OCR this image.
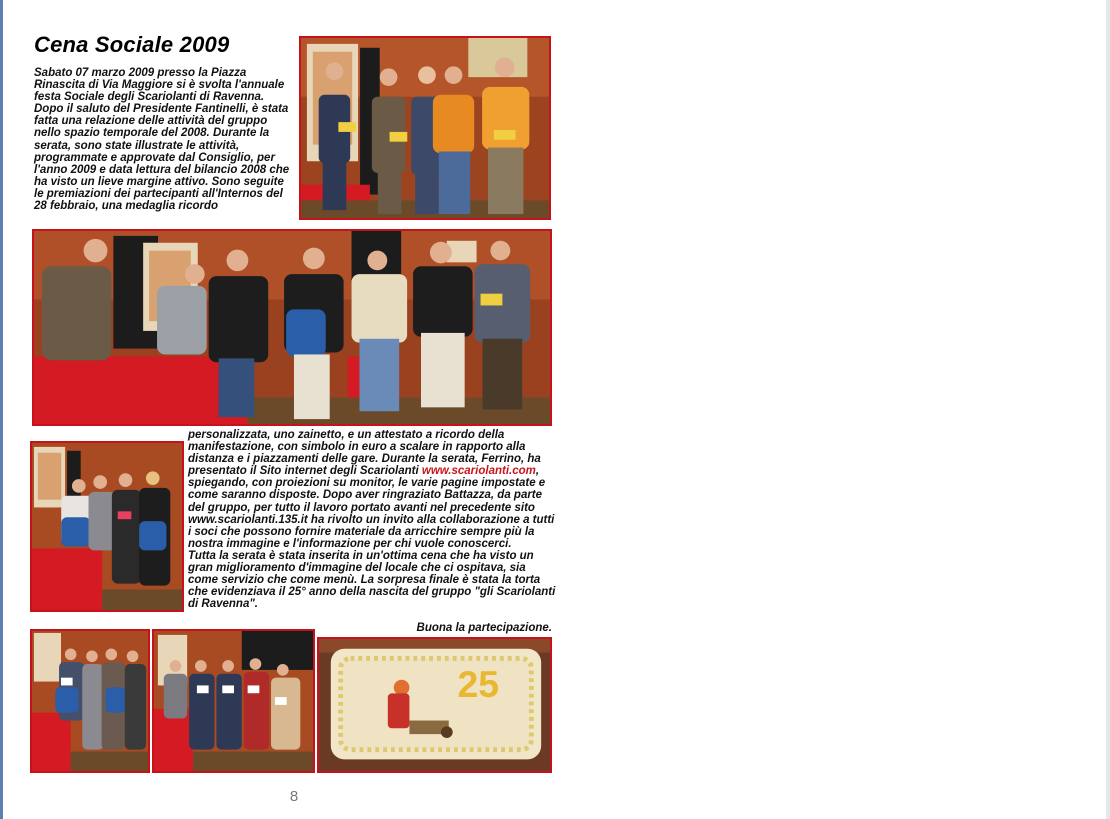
Cena Sociale 2009

Sabato 07 marzo 2009 presso la Piazza Rinascita di Via Maggiore si è svolta l'annuale festa Sociale degli Scariolanti di Ravenna. Dopo il saluto del Presidente Fantinelli, è stata fatta una relazione delle attività del gruppo nello spazio temporale del 2008. Durante la serata, sono state illustrate le attività, programmate e approvate dal Consiglio, per l'anno 2009 e data lettura del bilancio 2008 che ha visto un lieve margine attivo. Sono seguite le premiazioni dei partecipanti all'Internos del 28 febbraio, una medaglia ricordo

personalizzata, uno zainetto, e un attestato a ricordo della manifestazione, con simbolo in euro a scalare in rapporto alla distanza e i piazzamenti delle gare. Durante la serata, Ferrino, ha presentato il Sito internet degli Scariolanti www.scariolanti.com, spiegando, con proiezioni su monitor, le varie pagine impostate e come saranno disposte. Dopo aver ringraziato Battazza, da parte del gruppo, per tutto il lavoro portato avanti nel precedente sito www.scariolanti.135.it ha rivolto un invito alla collaborazione a tutti i soci che possono fornire materiale da arricchire sempre più la nostra immagine e l'informazione per chi vuole conoscerci.
Tutta la serata è stata inserita in un'ottima cena che ha visto un gran miglioramento d'immagine del locale che ci ospitava, sia come servizio che come menù. La sorpresa finale è stata la torta che evidenziava il 25° anno della nascita del gruppo "gli Scariolanti di Ravenna".
Buona la partecipazione.
25
8
